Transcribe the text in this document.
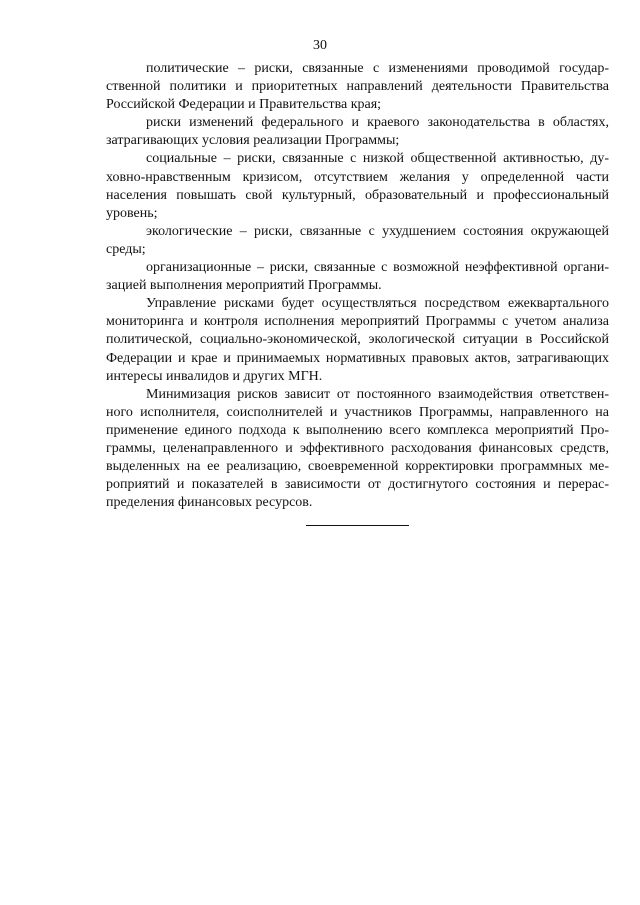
30

политические – риски, связанные с изменениями проводимой государственной политики и приоритетных направлений деятельности Правительства Российской Федерации и Правительства края;

риски изменений федерального и краевого законодательства в областях, затрагивающих условия реализации Программы;

социальные – риски, связанные с низкой общественной активностью, духовно-нравственным кризисом, отсутствием желания у определенной части населения повышать свой культурный, образовательный и профессиональный уровень;

экологические – риски, связанные с ухудшением состояния окружающей среды;

организационные – риски, связанные с возможной неэффективной организацией выполнения мероприятий Программы.

Управление рисками будет осуществляться посредством ежеквартального мониторинга и контроля исполнения мероприятий Программы с учетом анализа политической, социально-экономической, экологической ситуации в Российской Федерации и крае и принимаемых нормативных правовых актов, затрагивающих интересы инвалидов и других МГН.

Минимизация рисков зависит от постоянного взаимодействия ответственного исполнителя, соисполнителей и участников Программы, направленного на применение единого подхода к выполнению всего комплекса мероприятий Программы, целенаправленного и эффективного расходования финансовых средств, выделенных на ее реализацию, своевременной корректировки программных мероприятий и показателей в зависимости от достигнутого состояния и перераспределения финансовых ресурсов.
